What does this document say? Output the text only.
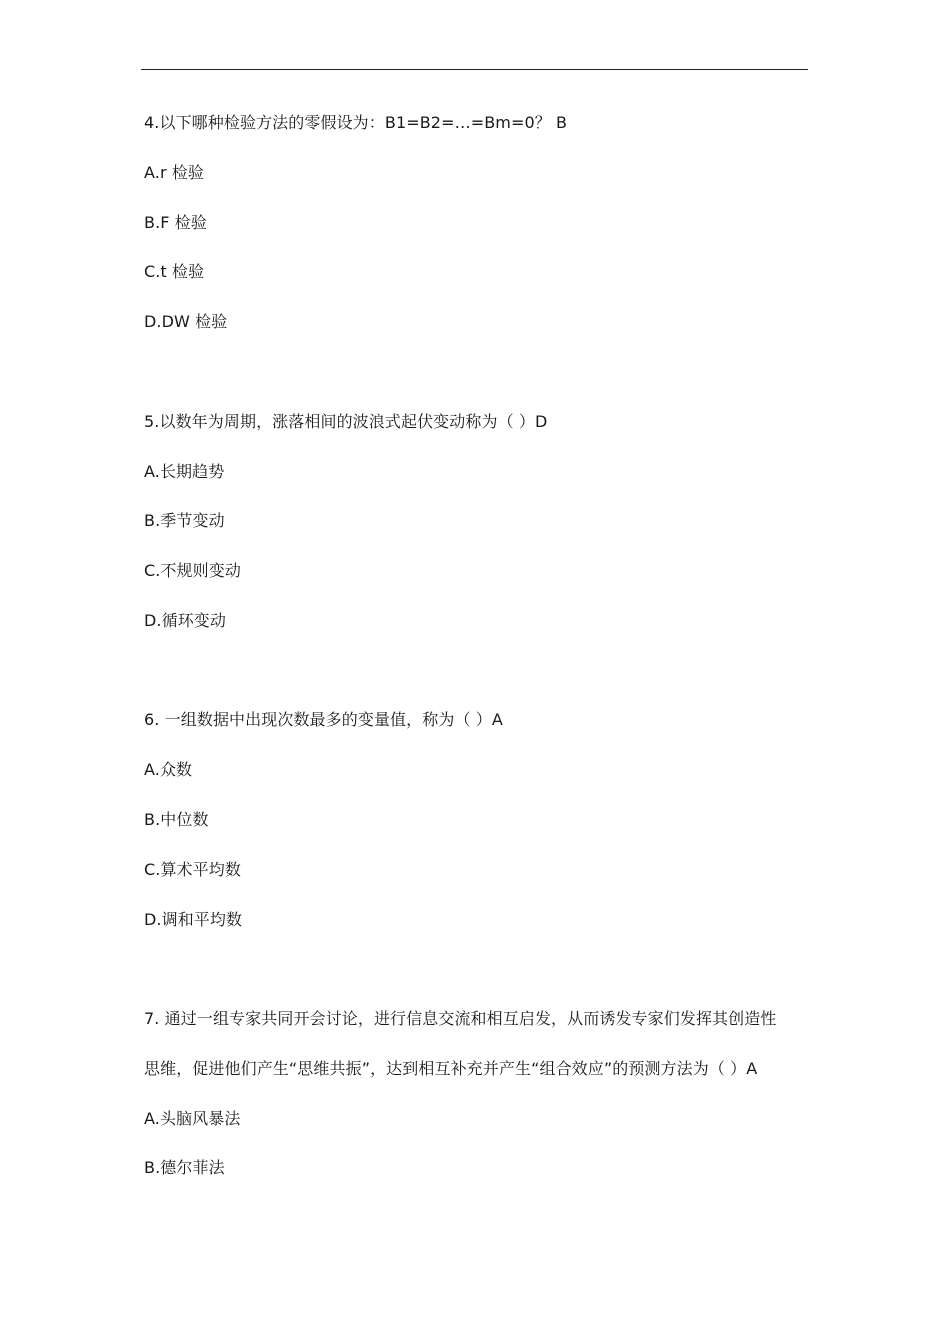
4.以下哪种检验方法的零假设为：B1=B2=…=Bm=0？ B
A.r 检验
B.F 检验
C.t 检验
D.DW 检验
5.以数年为周期，涨落相间的波浪式起伏变动称为（ ）D
A.长期趋势
B.季节变动
C.不规则变动
D.循环变动
6. 一组数据中出现次数最多的变量值，称为（ ）A
A.众数
B.中位数
C.算术平均数
D.调和平均数
7. 通过一组专家共同开会讨论，进行信息交流和相互启发，从而诱发专家们发挥其创造性
思维，促进他们产生“思维共振”，达到相互补充并产生“组合效应”的预测方法为（ ）A
A.头脑风暴法
B.德尔菲法
